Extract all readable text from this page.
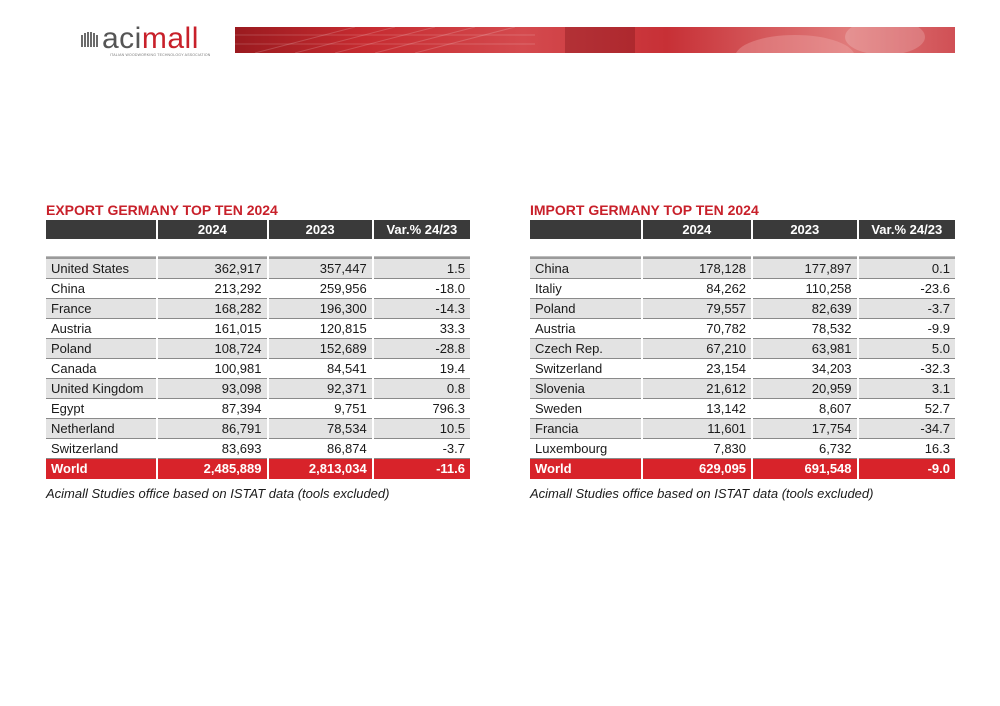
acimall
ITALIAN WOODWORKING TECHNOLOGY ASSOCIATION
EXPORT GERMANY TOP TEN 2024
	2024	2023	Var.% 24/23

United States	362,917	357,447	1.5
China	213,292	259,956	-18.0
France	168,282	196,300	-14.3
Austria	161,015	120,815	33.3
Poland	108,724	152,689	-28.8
Canada	100,981	84,541	19.4
United Kingdom	93,098	92,371	0.8
Egypt	87,394	9,751	796.3
Netherland	86,791	78,534	10.5
Switzerland	83,693	86,874	-3.7
World	2,485,889	2,813,034	-11.6
Acimall Studies office based on ISTAT data (tools excluded)
IMPORT GERMANY TOP TEN 2024
	2024	2023	Var.% 24/23

China	178,128	177,897	0.1
Italiy	84,262	110,258	-23.6
Poland	79,557	82,639	-3.7
Austria	70,782	78,532	-9.9
Czech Rep.	67,210	63,981	5.0
Switzerland	23,154	34,203	-32.3
Slovenia	21,612	20,959	3.1
Sweden	13,142	8,607	52.7
Francia	11,601	17,754	-34.7
Luxembourg	7,830	6,732	16.3
World	629,095	691,548	-9.0
Acimall Studies office based on ISTAT data (tools excluded)
